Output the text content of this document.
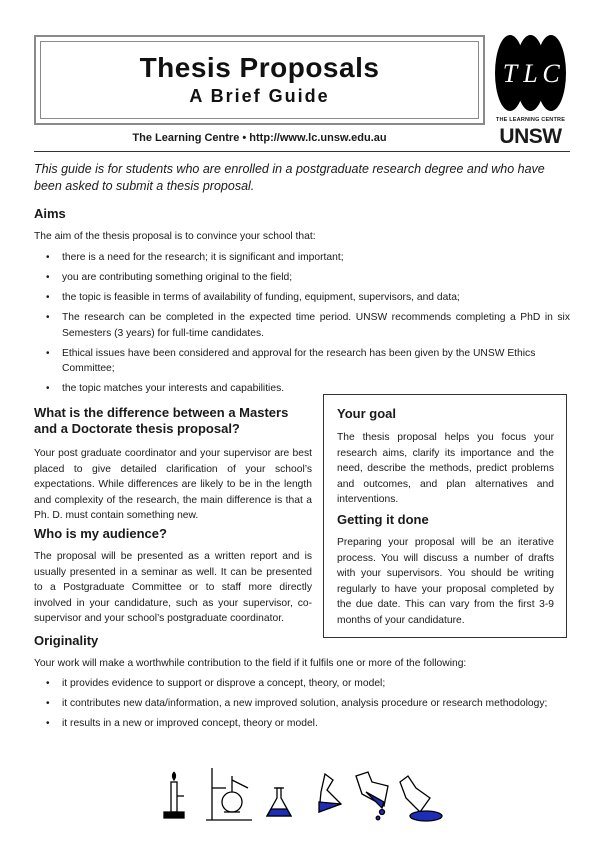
Thesis Proposals
A Brief Guide
The Learning Centre • http://www.lc.unsw.edu.au
T L C
THE LEARNING CENTRE
UNSW
This guide is for students who are enrolled in a postgraduate research degree and who have been asked to submit a thesis proposal.
Aims
The aim of the thesis proposal is to convince your school that:
• there is a need for the research; it is significant and important;
• you are contributing something original to the field;
• the topic is feasible in terms of availability of funding, equipment, supervisors, and data;
• The research can be completed in the expected time period. UNSW recommends completing a PhD in six Semesters (3 years) for full-time candidates.
• Ethical issues have been considered and approval for the research has been given by the UNSW Ethics Committee;
• the topic matches your interests and capabilities.
What is the difference between a Masters and a Doctorate thesis proposal?
Your post graduate coordinator and your supervisor are best placed to give detailed clarification of your school’s expectations. While differences are likely to be in the length and complexity of the research, the main difference is that a Ph. D. must contain something new.
Who is my audience?
The proposal will be presented as a written report and is usually presented in a seminar as well. It can be presented to a Postgraduate Committee or to staff more directly involved in your candidature, such as your supervisor, co-supervisor and your school’s postgraduate coordinator.
Your goal
The thesis proposal helps you focus your research aims, clarify its importance and the need, describe the methods, predict problems and outcomes, and plan alternatives and interventions.
Getting it done
Preparing your proposal will be an iterative process. You will discuss a number of drafts with your supervisors. You should be writing regularly to have your proposal completed by the due date. This can vary from the first 3-9 months of your candidature.
Originality
Your work will make a worthwhile contribution to the field if it fulfils one or more of the following:
• it provides evidence to support or disprove a concept, theory, or model;
• it contributes new data/information, a new improved solution, analysis procedure or research methodology;
• it results in a new or improved concept, theory or model.
